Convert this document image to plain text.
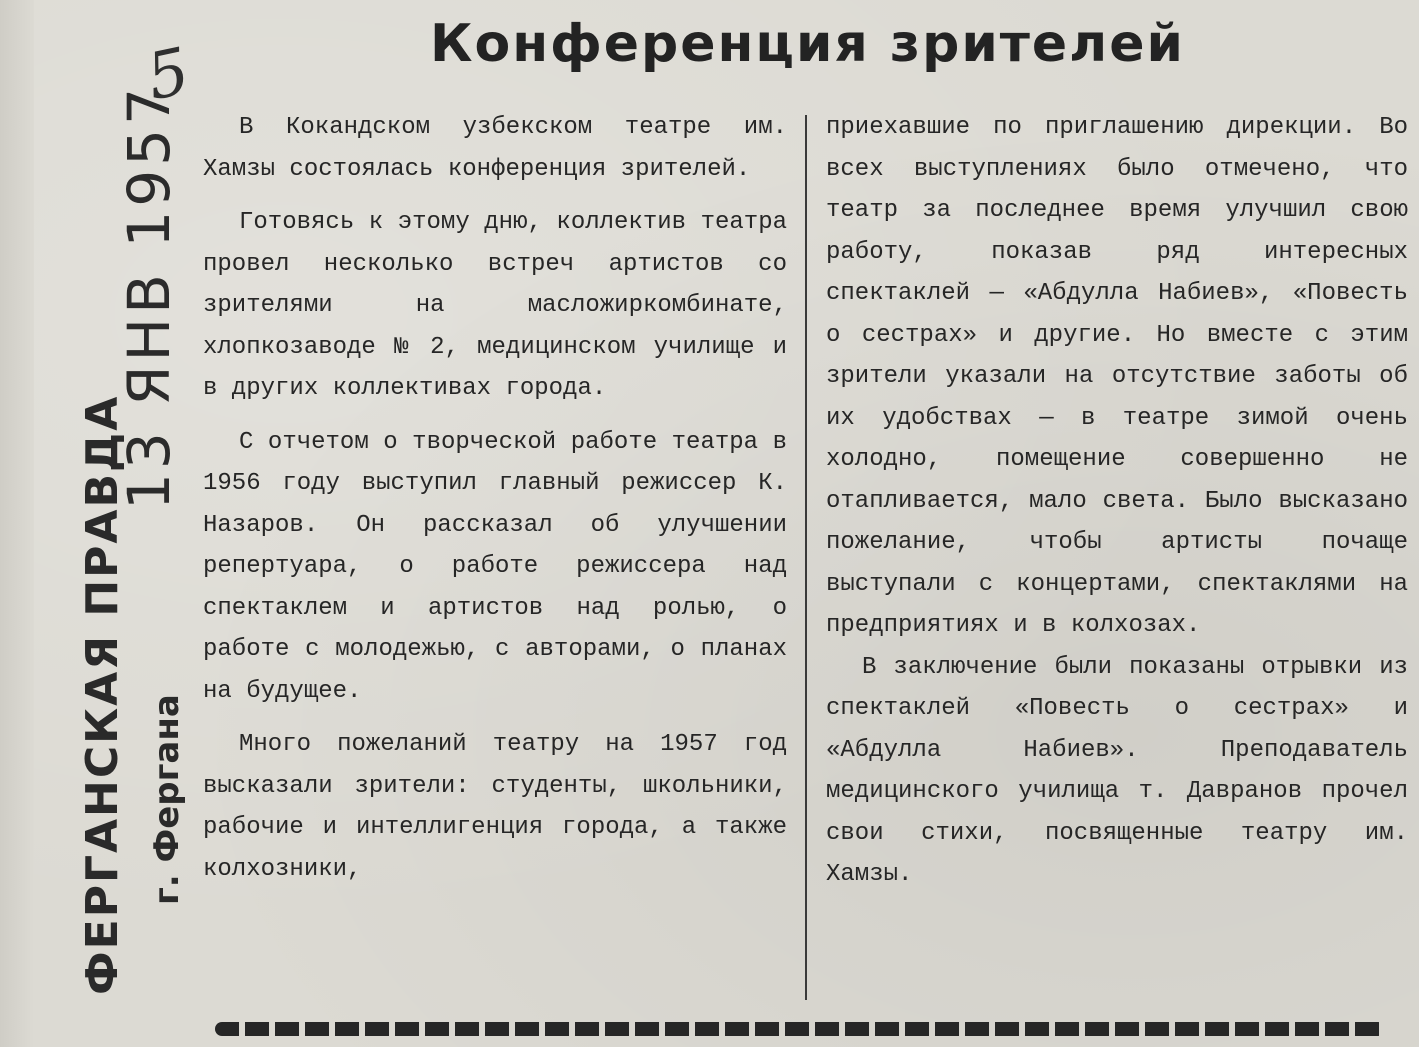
5
13 ЯНВ 1957
ФЕРГАНСКАЯ ПРАВДА г. Фергана
Конференция зрителей

В Кокандском узбекском театре им. Хамзы состоялась конференция зрителей.

Готовясь к этому дню, коллектив театра провел несколько встреч артистов со зрителями на масложиркомбинате, хлопкозаводе № 2, медицинском училище и в других коллективах города.

С отчетом о творческой работе театра в 1956 году выступил главный режиссер К. Назаров. Он рассказал об улучшении репертуара, о работе режиссера над спектаклем и артистов над ролью, о работе с молодежью, с авторами, о планах на будущее.

Много пожеланий театру на 1957 год высказали зрители: студенты, школьники, рабочие и интеллигенция города, а также колхозники,

приехавшие по приглашению дирекции. Во всех выступлениях было отмечено, что театр за последнее время улучшил свою работу, показав ряд интересных спектаклей — «Абдулла Набиев», «Повесть о сестрах» и другие. Но вместе с этим зрители указали на отсутствие заботы об их удобствах — в театре зимой очень холодно, помещение совершенно не отапливается, мало света. Было высказано пожелание, чтобы артисты почаще выступали с концертами, спектаклями на предприятиях и в колхозах.

В заключение были показаны отрывки из спектаклей «Повесть о сестрах» и «Абдулла Набиев». Преподаватель медицинского училища т. Давранов прочел свои стихи, посвященные театру им. Хамзы.
